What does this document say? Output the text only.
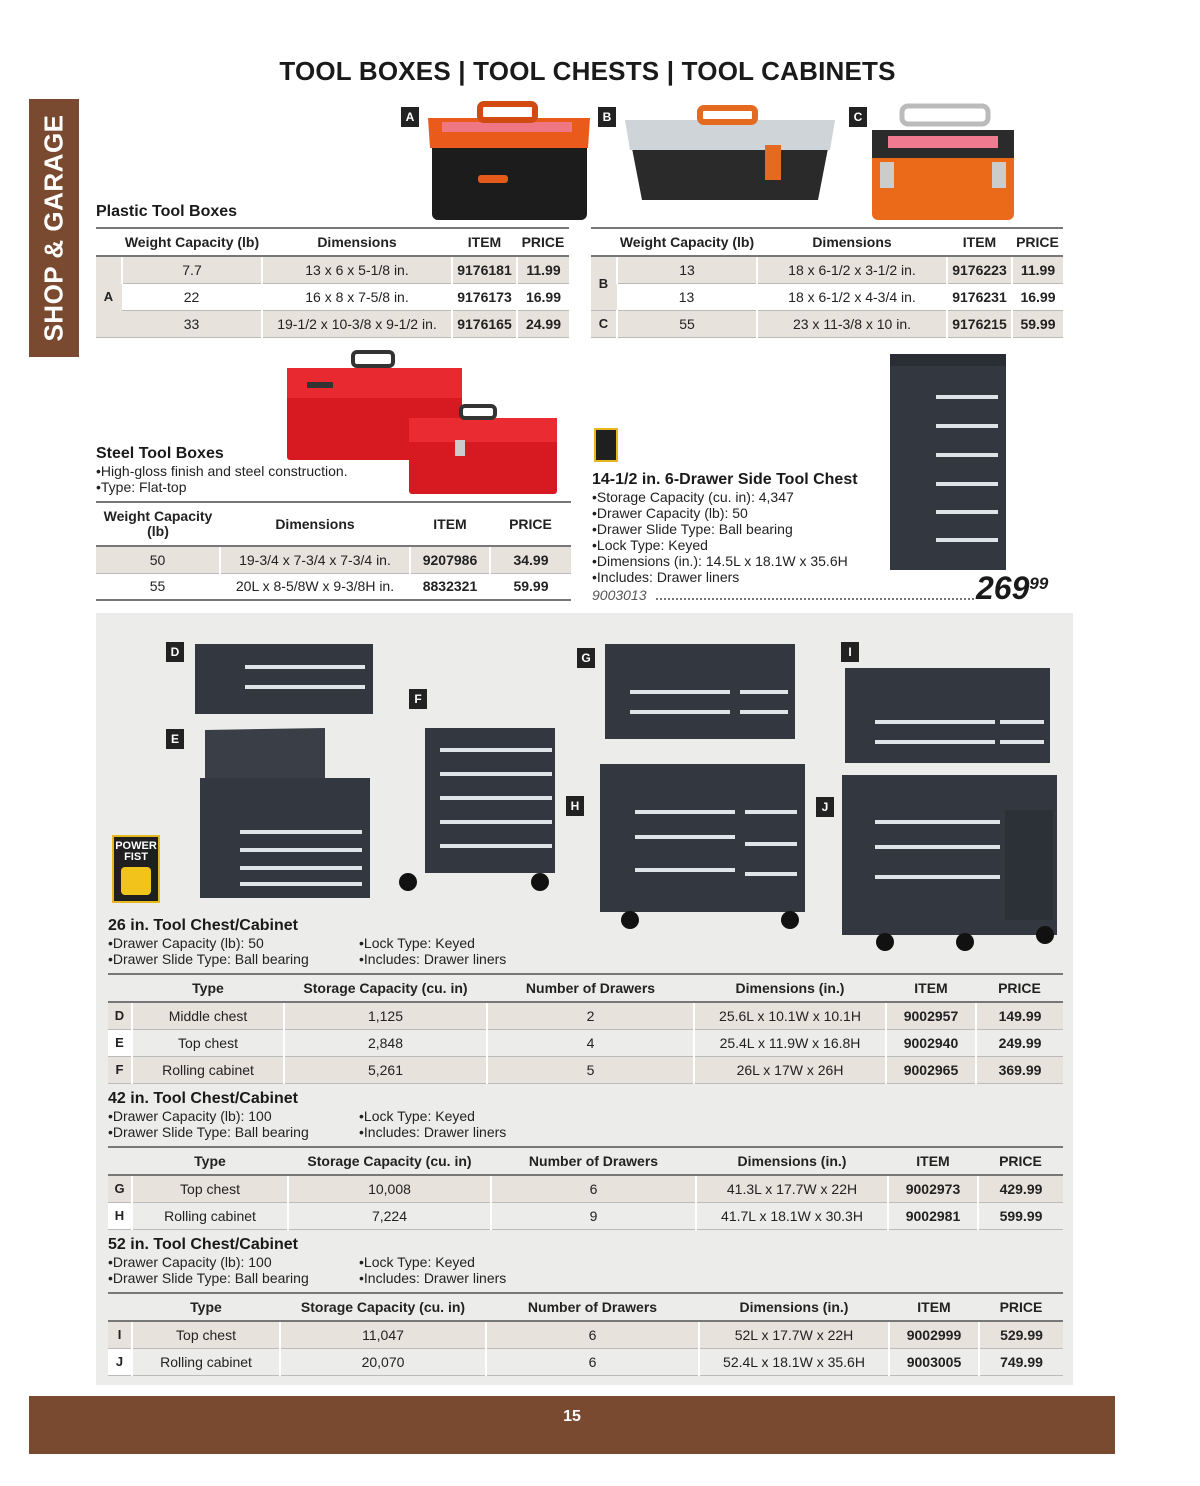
TOOL BOXES | TOOL CHESTS | TOOL CABINETS
SHOP & GARAGE	A	B	C
Plastic Tool Boxes
	Weight Capacity (lb)	Dimensions	ITEM	PRICE
A	7.7	13 x 6 x 5-1/8 in.	9176181	11.99
	22	16 x 8 x 7-5/8 in.	9176173	16.99
	33	19-1/2 x 10-3/8 x 9-1/2 in.	9176165	24.99
	Weight Capacity (lb)	Dimensions	ITEM	PRICE
B	13	18 x 6-1/2 x 3-1/2 in.	9176223	11.99
	13	18 x 6-1/2 x 4-3/4 in.	9176231	16.99
C	55	23 x 11-3/8 x 10 in.	9176215	59.99
Steel Tool Boxes
•High-gloss finish and steel construction.
•Type: Flat-top
Weight Capacity (lb)	Dimensions	ITEM	PRICE
50	19-3/4 x 7-3/4 x 7-3/4 in.	9207986	34.99
55	20L x 8-5/8W x 9-3/8H in.	8832321	59.99
14-1/2 in. 6-Drawer Side Tool Chest
•Storage Capacity (cu. in): 4,347
•Drawer Capacity (lb): 50
•Drawer Slide Type: Ball bearing
•Lock Type: Keyed
•Dimensions (in.): 14.5L x 18.1W x 35.6H
•Includes: Drawer liners
9003013	$269^{99}$
D
E
F
G
H
I
J
POWER FIST
26 in. Tool Chest/Cabinet
•Drawer Capacity (lb): 50
•Drawer Slide Type: Ball bearing
•Lock Type: Keyed
•Includes: Drawer liners
	Type	Storage Capacity (cu. in)	Number of Drawers	Dimensions (in.)	ITEM	PRICE
D	Middle chest	1,125	2	25.6L x 10.1W x 10.1H	9002957	149.99
E	Top chest	2,848	4	25.4L x 11.9W x 16.8H	9002940	249.99
F	Rolling cabinet	5,261	5	26L x 17W x 26H	9002965	369.99
42 in. Tool Chest/Cabinet
•Drawer Capacity (lb): 100
•Drawer Slide Type: Ball bearing
•Lock Type: Keyed
•Includes: Drawer liners
	Type	Storage Capacity (cu. in)	Number of Drawers	Dimensions (in.)	ITEM	PRICE
G	Top chest	10,008	6	41.3L x 17.7W x 22H	9002973	429.99
H	Rolling cabinet	7,224	9	41.7L x 18.1W x 30.3H	9002981	599.99
52 in. Tool Chest/Cabinet
•Drawer Capacity (lb): 100
•Drawer Slide Type: Ball bearing
•Lock Type: Keyed
•Includes: Drawer liners
	Type	Storage Capacity (cu. in)	Number of Drawers	Dimensions (in.)	ITEM	PRICE
I	Top chest	11,047	6	52L x 17.7W x 22H	9002999	529.99
J	Rolling cabinet	20,070	6	52.4L x 18.1W x 35.6H	9003005	749.99
15
